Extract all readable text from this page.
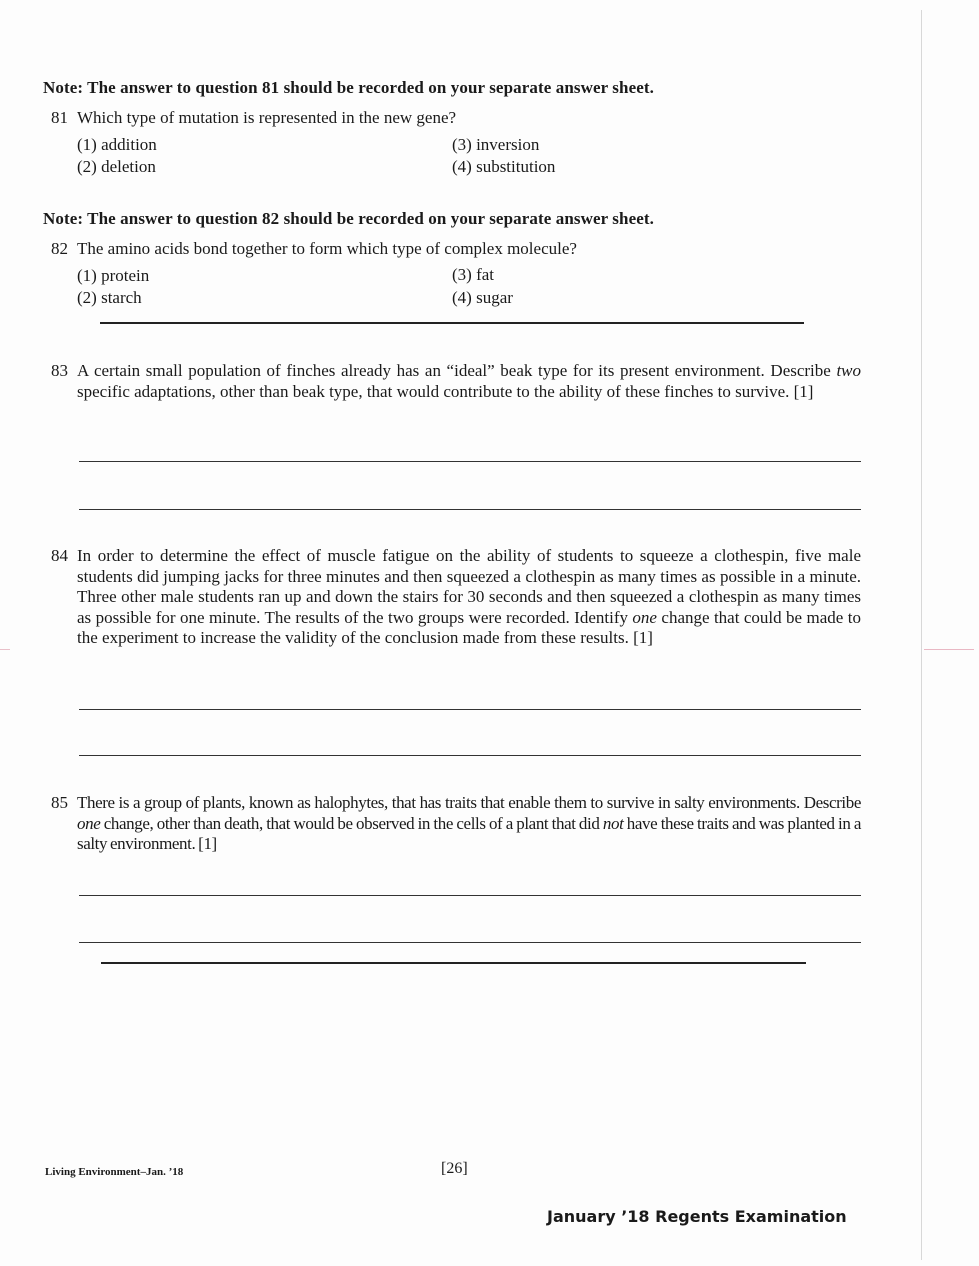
Note: The answer to question 81 should be recorded on your separate answer sheet.
81 Which type of mutation is represented in the new gene?
(1) addition
(2) deletion
(3) inversion
(4) substitution
Note: The answer to question 82 should be recorded on your separate answer sheet.
82 The amino acids bond together to form which type of complex molecule?
(1) protein
(2) starch
(3) fat
(4) sugar
83 A certain small population of finches already has an “ideal” beak type for its present environment. Describe two specific adaptations, other than beak type, that would contribute to the ability of these finches to survive. [1]
84 In order to determine the effect of muscle fatigue on the ability of students to squeeze a clothespin, five male students did jumping jacks for three minutes and then squeezed a clothespin as many times as possible in a minute. Three other male students ran up and down the stairs for 30 seconds and then squeezed a clothespin as many times as possible for one minute. The results of the two groups were recorded. Identify one change that could be made to the experiment to increase the validity of the conclusion made from these results. [1]
85 There is a group of plants, known as halophytes, that has traits that enable them to survive in salty environments. Describe one change, other than death, that would be observed in the cells of a plant that did not have these traits and was planted in a salty environment. [1]
Living Environment–Jan. ’18	[26]
January ’18 Regents Examination
